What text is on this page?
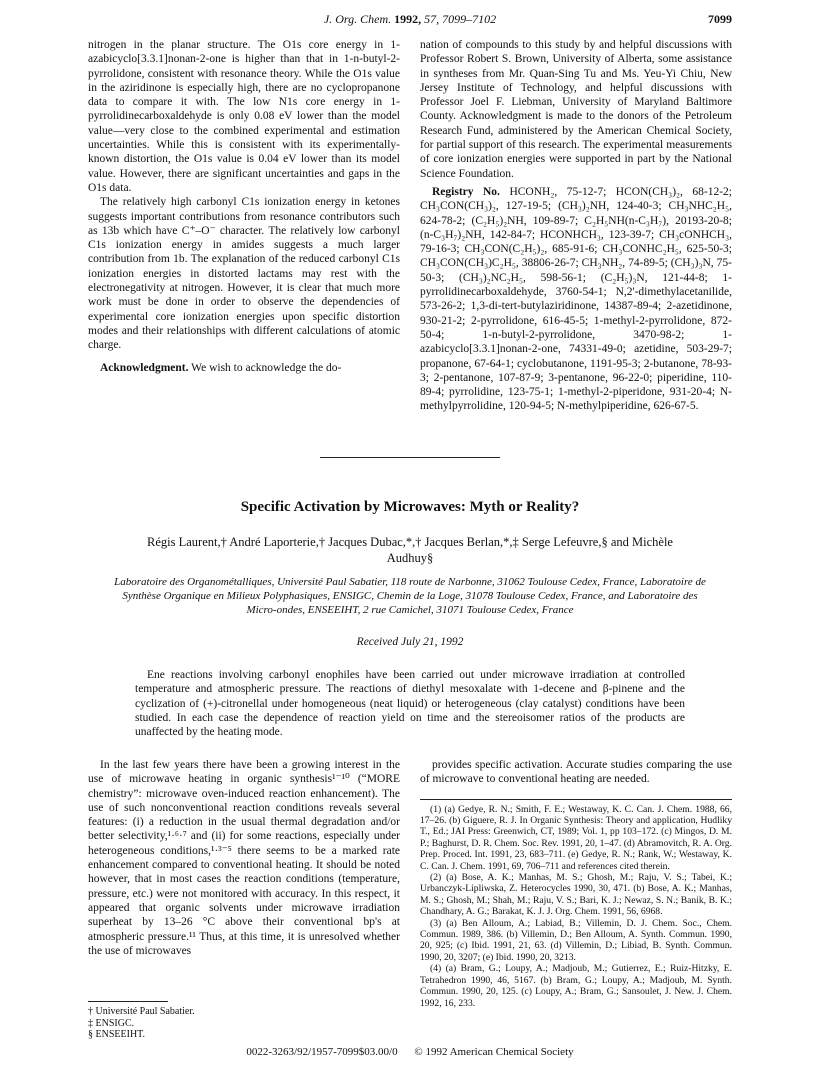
J. Org. Chem. 1992, 57, 7099–7102	7099

nitrogen in the planar structure. The O1s core energy in 1-azabicyclo[3.3.1]nonan-2-one is higher than that in 1-n-butyl-2-pyrrolidone, consistent with resonance theory. While the O1s value in the aziridinone is especially high, there are no cyclopropanone data to compare it with. The low N1s core energy in 1-pyrrolidinecarboxaldehyde is only 0.08 eV lower than the model value—very close to the combined experimental and estimation uncertainties. While this is consistent with its experimentally-known distortion, the O1s value is 0.04 eV lower than its model value. However, there are significant uncertainties and gaps in the O1s data.

The relatively high carbonyl C1s ionization energy in ketones suggests important contributions from resonance contributors such as 13b which have C⁺–O⁻ character. The relatively low carbonyl C1s ionization energy in amides suggests a much larger contribution from 1b. The explanation of the reduced carbonyl C1s ionization energies in distorted lactams may rest with the electronegativity at nitrogen. However, it is clear that much more work must be done in order to observe the dependencies of experimental core ionization energies upon specific distortion modes and their relationships with different calculations of atomic charge.

Acknowledgment. We wish to acknowledge the do-

nation of compounds to this study by and helpful discussions with Professor Robert S. Brown, University of Alberta, some assistance in syntheses from Mr. Quan-Sing Tu and Ms. Yeu-Yi Chiu, New Jersey Institute of Technology, and helpful discussions with Professor Joel F. Liebman, University of Maryland Baltimore County. Acknowledgment is made to the donors of the Petroleum Research Fund, administered by the American Chemical Society, for partial support of this research. The experimental measurements of core ionization energies were supported in part by the National Science Foundation.

Registry No. HCONH₂, 75-12-7; HCON(CH₃)₂, 68-12-2; CH₃CON(CH₃)₂, 127-19-5; (CH₃)₂NH, 124-40-3; CH₃NHC₂H₅, 624-78-2; (C₂H₅)₂NH, 109-89-7; C₂H₅NH(n-C₃H₇), 20193-20-8; (n-C₃H₇)₂NH, 142-84-7; HCONHCH₃, 123-39-7; CH₃cONHCH₃, 79-16-3; CH₃CON(C₂H₅)₂, 685-91-6; CH₃CONHC₂H₅, 625-50-3; CH₃CON(CH₃)C₂H₅, 38806-26-7; CH₃NH₂, 74-89-5; (CH₃)₃N, 75-50-3; (CH₃)₂NC₂H₅, 598-56-1; (C₂H₅)₃N, 121-44-8; 1-pyrrolidinecarboxaldehyde, 3760-54-1; N,2'-dimethylacetanilide, 573-26-2; 1,3-di-tert-butylaziridinone, 14387-89-4; 2-azetidinone, 930-21-2; 2-pyrrolidone, 616-45-5; 1-methyl-2-pyrrolidone, 872-50-4; 1-n-butyl-2-pyrrolidone, 3470-98-2; 1-azabicyclo[3.3.1]nonan-2-one, 74331-49-0; azetidine, 503-29-7; propanone, 67-64-1; cyclobutanone, 1191-95-3; 2-butanone, 78-93-3; 2-pentanone, 107-87-9; 3-pentanone, 96-22-0; piperidine, 110-89-4; pyrrolidine, 123-75-1; 1-methyl-2-piperidone, 931-20-4; N-methylpyrrolidine, 120-94-5; N-methylpiperidine, 626-67-5.

Specific Activation by Microwaves: Myth or Reality?
Régis Laurent,† André Laporterie,† Jacques Dubac,*,† Jacques Berlan,*,‡ Serge Lefeuvre,§ and Michèle Audhuy§
Laboratoire des Organométalliques, Université Paul Sabatier, 118 route de Narbonne, 31062 Toulouse Cedex, France, Laboratoire de Synthèse Organique en Milieux Polyphasiques, ENSIGC, Chemin de la Loge, 31078 Toulouse Cedex, France, and Laboratoire des Micro-ondes, ENSEEIHT, 2 rue Camichel, 31071 Toulouse Cedex, France
Received July 21, 1992

Ene reactions involving carbonyl enophiles have been carried out under microwave irradiation at controlled temperature and atmospheric pressure. The reactions of diethyl mesoxalate with 1-decene and β-pinene and the cyclization of (+)-citronellal under homogeneous (neat liquid) or heterogeneous (clay catalyst) conditions have been studied. In each case the dependence of reaction yield on time and the stereoisomer ratios of the products are unaffected by the heating mode.

In the last few years there have been a growing interest in the use of microwave heating in organic synthesis¹⁻¹⁰ (“MORE chemistry”: microwave oven-induced reaction enhancement). The use of such nonconventional reaction conditions reveals several features: (i) a reduction in the usual thermal degradation and/or better selectivity,¹·⁶·⁷ and (ii) for some reactions, especially under heterogeneous conditions,¹·³⁻⁵ there seems to be a marked rate enhancement compared to conventional heating. It should be noted however, that in most cases the reaction conditions (temperature, pressure, etc.) were not monitored with accuracy. In this respect, it appeared that organic solvents under microwave irradiation superheat by 13–26 °C above their conventional bp's at atmospheric pressure.¹¹ Thus, at this time, it is unresolved whether the use of microwaves

provides specific activation. Accurate studies comparing the use of microwave to conventional heating are needed.

(1) (a) Gedye, R. N.; Smith, F. E.; Westaway, K. C. Can. J. Chem. 1988, 66, 17–26. (b) Giguere, R. J. In Organic Synthesis: Theory and application, Hudliky T., Ed.; JAI Press: Greenwich, CT, 1989; Vol. 1, pp 103–172. (c) Mingos, D. M. P.; Baghurst, D. R. Chem. Soc. Rev. 1991, 20, 1–47. (d) Abramovitch, R. A. Org. Prep. Proced. Int. 1991, 23, 683–711. (e) Gedye, R. N.; Rank, W.; Westaway, K. C. Can. J. Chem. 1991, 69, 706–711 and references cited therein.

(2) (a) Bose, A. K.; Manhas, M. S.; Ghosh, M.; Raju, V. S.; Tabei, K.; Urbanczyk-Lipliwska, Z. Heterocycles 1990, 30, 471. (b) Bose, A. K.; Manhas, M. S.; Ghosh, M.; Shah, M.; Raju, V. S.; Bari, K. J.; Newaz, S. N.; Banik, B. K.; Chandhary, A. G.; Barakat, K. J. J. Org. Chem. 1991, 56, 6968.

(3) (a) Ben Alloum, A.; Labiad, B.; Villemin, D. J. Chem. Soc., Chem. Commun. 1989, 386. (b) Villemin, D.; Ben Alloum, A. Synth. Commun. 1990, 20, 925; (c) Ibid. 1991, 21, 63. (d) Villemin, D.; Libiad, B. Synth. Commun. 1990, 20, 3207; (e) Ibid. 1990, 20, 3213.

(4) (a) Bram, G.; Loupy, A.; Madjoub, M.; Gutierrez, E.; Ruiz-Hitzky, E. Tetrahedron 1990, 46, 5167. (b) Bram, G.; Loupy, A.; Madjoub, M. Synth. Commun. 1990, 20, 125. (c) Loupy, A.; Bram, G.; Sansoulet, J. New. J. Chem. 1992, 16, 233.

† Université Paul Sabatier.
‡ ENSIGC.
§ ENSEEIHT.
0022-3263/92/1957-7099$03.00/0 © 1992 American Chemical Society
